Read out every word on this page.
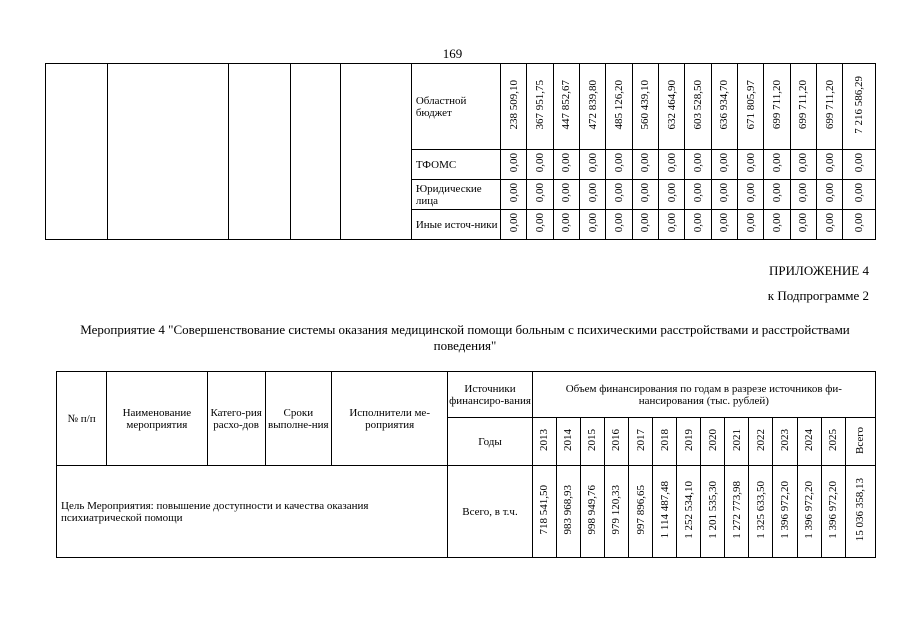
169
					Областной бюджет	238 509,10	367 951,75	447 852,67	472 839,80	485 126,20	560 439,10	632 464,90	603 528,50	636 934,70	671 805,97	699 711,20	699 711,20	699 711,20	7 216 586,29
					ТФОМС	0,00	0,00	0,00	0,00	0,00	0,00	0,00	0,00	0,00	0,00	0,00	0,00	0,00	0,00
					Юридические лица	0,00	0,00	0,00	0,00	0,00	0,00	0,00	0,00	0,00	0,00	0,00	0,00	0,00	0,00
					Иные источ-ники	0,00	0,00	0,00	0,00	0,00	0,00	0,00	0,00	0,00	0,00	0,00	0,00	0,00	0,00
ПРИЛОЖЕНИЕ 4
к Подпрограмме 2
Мероприятие 4 "Совершенствование системы оказания медицинской помощи больным с психическими расстройствами и расстройствами поведения"
№ п/п	Наименование мероприятия	Катего-рия расхо-дов	Сроки выполне-ния	Исполнители ме-роприятия	Источники финансиро-вания	Объем финансирования по годам в разрезе источников фи-нансирования (тыс. рублей)													
					Годы	2013	2014	2015	2016	2017	2018	2019	2020	2021	2022	2023	2024	2025	Всего
Цель Мероприятия: повышение доступности и качества оказания психиатрической помощи					Всего, в т.ч.	718 541,50	983 968,93	998 949,76	979 120,33	997 896,65	1 114 487,48	1 252 534,10	1 201 535,30	1 272 773,98	1 325 633,50	1 396 972,20	1 396 972,20	1 396 972,20	15 036 358,13
